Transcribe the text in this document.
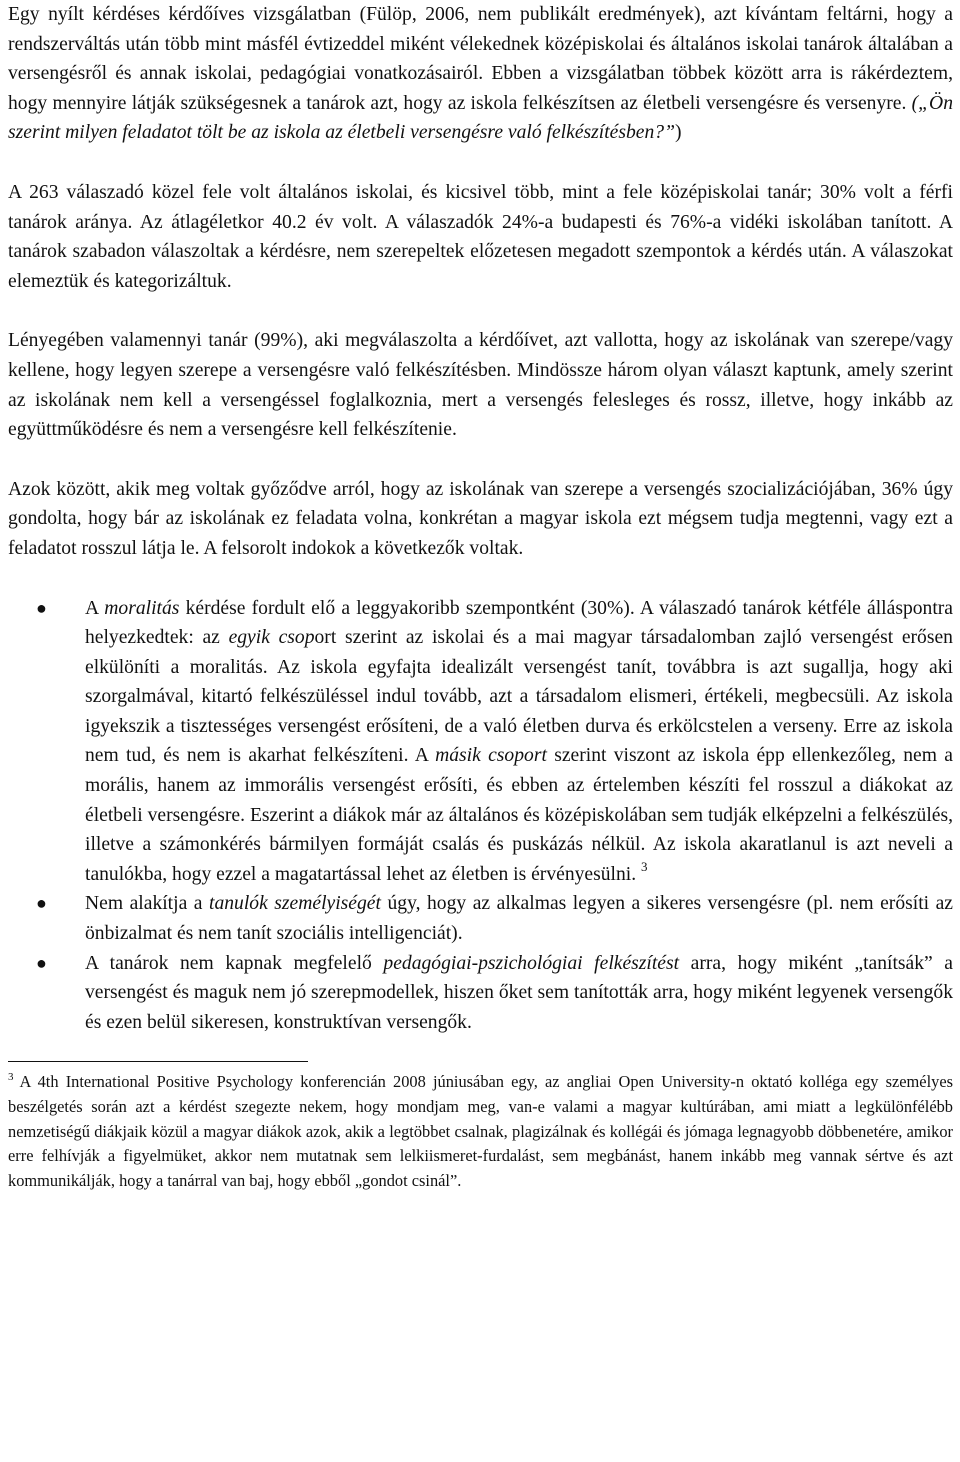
Egy nyílt kérdéses kérdőíves vizsgálatban (Fülöp, 2006, nem publikált eredmények), azt kívántam feltárni, hogy a rendszerváltás után több mint másfél évtizeddel miként vélekednek középiskolai és általános iskolai tanárok általában a versengésről és annak iskolai, pedagógiai vonatkozásairól. Ebben a vizsgálatban többek között arra is rákérdeztem, hogy mennyire látják szükségesnek a tanárok azt, hogy az iskola felkészítsen az életbeli versengésre és versenyre. („Ön szerint milyen feladatot tölt be az iskola az életbeli versengésre való felkészítésben?”)

A 263 válaszadó közel fele volt általános iskolai, és kicsivel több, mint a fele középiskolai tanár; 30% volt a férfi tanárok aránya. Az átlagéletkor 40.2 év volt. A válaszadók 24%-a budapesti és 76%-a vidéki iskolában tanított. A tanárok szabadon válaszoltak a kérdésre, nem szerepeltek előzetesen megadott szempontok a kérdés után. A válaszokat elemeztük és kategorizáltuk.

Lényegében valamennyi tanár (99%), aki megválaszolta a kérdőívet, azt vallotta, hogy az iskolának van szerepe/vagy kellene, hogy legyen szerepe a versengésre való felkészítésben. Mindössze három olyan választ kaptunk, amely szerint az iskolának nem kell a versengéssel foglalkoznia, mert a versengés felesleges és rossz, illetve, hogy inkább az együttműködésre és nem a versengésre kell felkészítenie.

Azok között, akik meg voltak győződve arról, hogy az iskolának van szerepe a versengés szocializációjában, 36% úgy gondolta, hogy bár az iskolának ez feladata volna, konkrétan a magyar iskola ezt mégsem tudja megtenni, vagy ezt a feladatot rosszul látja le. A felsorolt indokok a következők voltak.

● A moralitás kérdése fordult elő a leggyakoribb szempontként (30%). A válaszadó tanárok kétféle álláspontra helyezkedtek: az egyik csoport szerint az iskolai és a mai magyar társadalomban zajló versengést erősen elkülöníti a moralitás. Az iskola egyfajta idealizált versengést tanít, továbbra is azt sugallja, hogy aki szorgalmával, kitartó felkészüléssel indul tovább, azt a társadalom elismeri, értékeli, megbecsüli. Az iskola igyekszik a tisztességes versengést erősíteni, de a való életben durva és erkölcstelen a verseny. Erre az iskola nem tud, és nem is akarhat felkészíteni. A másik csoport szerint viszont az iskola épp ellenkezőleg, nem a morális, hanem az immorális versengést erősíti, és ebben az értelemben készíti fel rosszul a diákokat az életbeli versengésre. Eszerint a diákok már az általános és középiskolában sem tudják elképzelni a felkészülés, illetve a számonkérés bármilyen formáját csalás és puskázás nélkül. Az iskola akaratlanul is azt neveli a tanulókba, hogy ezzel a magatartással lehet az életben is érvényesülni. $^3$
● Nem alakítja a tanulók személyiségét úgy, hogy az alkalmas legyen a sikeres versengésre (pl. nem erősíti az önbizalmat és nem tanít szociális intelligenciát).
● A tanárok nem kapnak megfelelő pedagógiai-pszichológiai felkészítést arra, hogy miként „tanítsák” a versengést és maguk nem jó szerepmodellek, hiszen őket sem tanították arra, hogy miként legyenek versengők és ezen belül sikeresen, konstruktívan versengők.

$^3$ A 4th International Positive Psychology konferencián 2008 júniusában egy, az angliai Open University-n oktató kolléga egy személyes beszélgetés során azt a kérdést szegezte nekem, hogy mondjam meg, van-e valami a magyar kultúrában, ami miatt a legkülönfélébb nemzetiségű diákjaik közül a magyar diákok azok, akik a legtöbbet csalnak, plagizálnak és kollégái és jómaga legnagyobb döbbenetére, amikor erre felhívják a figyelmüket, akkor nem mutatnak sem lelkiismeret-furdalást, sem megbánást, hanem inkább meg vannak sértve és azt kommunikálják, hogy a tanárral van baj, hogy ebből „gondot csinál”.
